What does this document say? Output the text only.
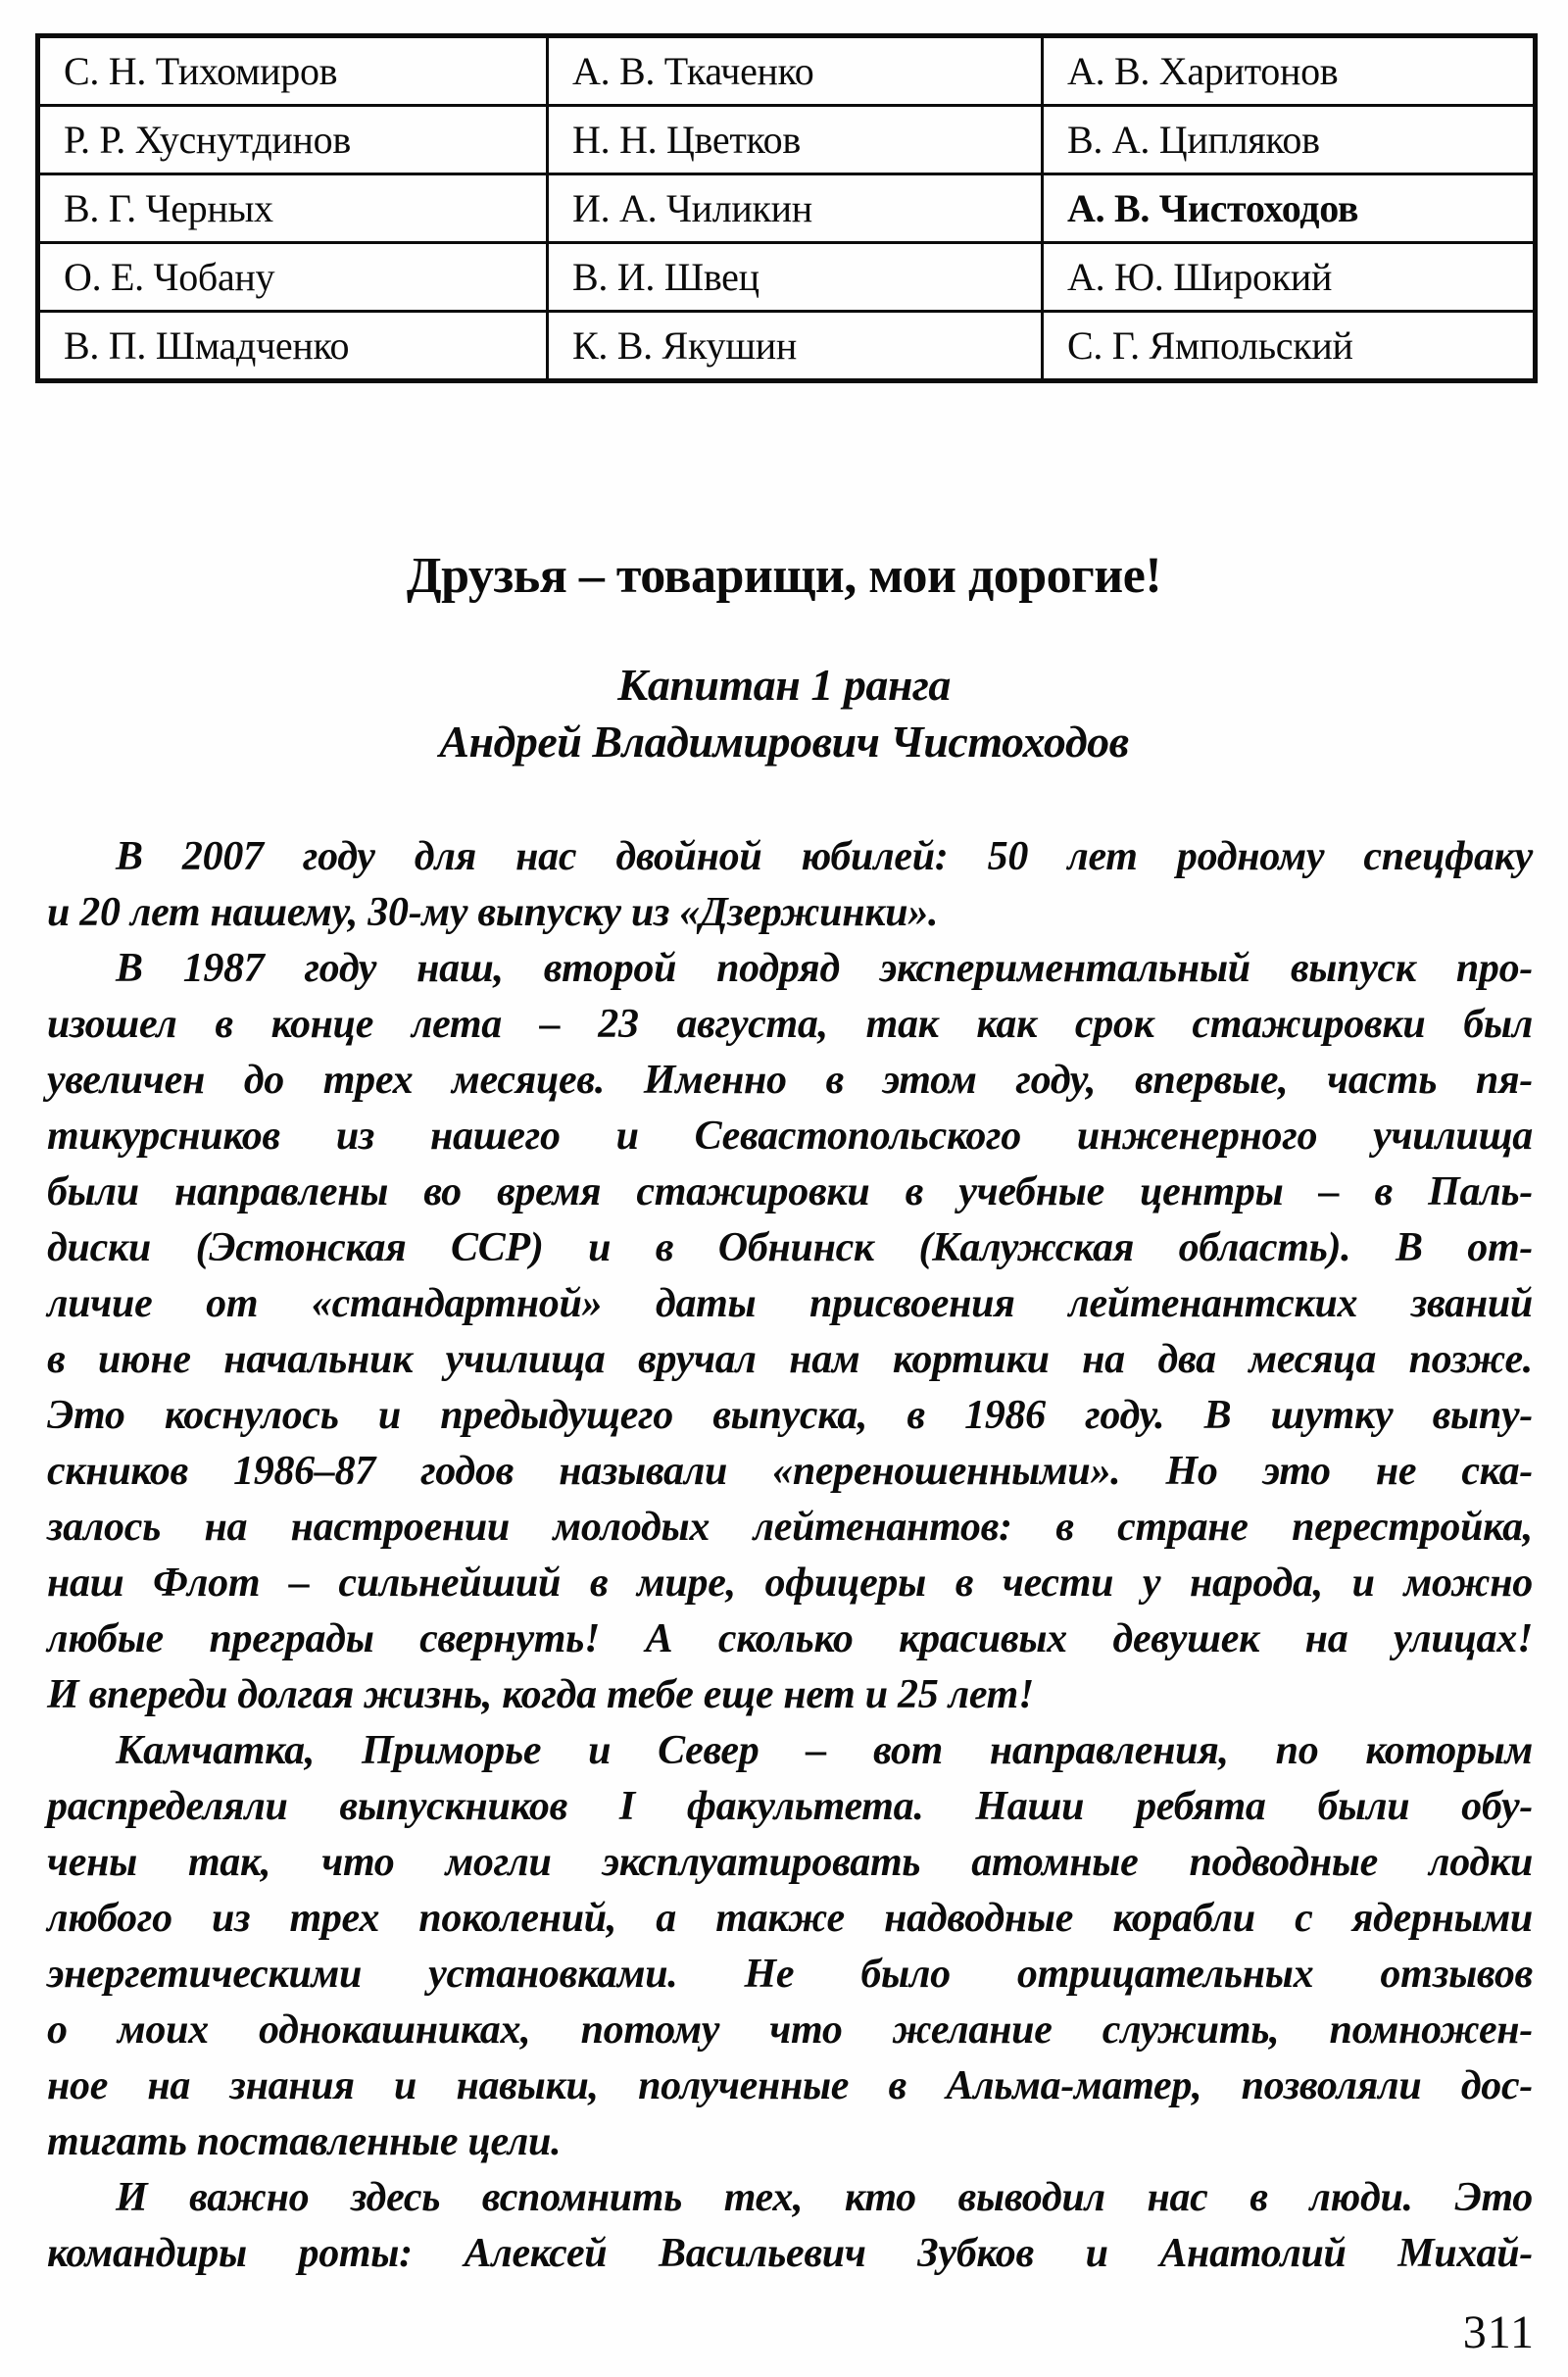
С. Н. Тихомиров	А. В. Ткаченко	А. В. Харитонов
Р. Р. Хуснутдинов	Н. Н. Цветков	В. А. Ципляков
В. Г. Черных	И. А. Чиликин	А. В. Чистоходов
О. Е. Чобану	В. И. Швец	А. Ю. Широкий
В. П. Шмадченко	К. В. Якушин	С. Г. Ямпольский
Друзья – товарищи, мои дорогие!
Капитан 1 ранга
Андрей Владимирович Чистоходов
В 2007 году для нас двойной юбилей: 50 лет родному спецфаку
и 20 лет нашему, 30-му выпуску из «Дзержинки».
В 1987 году наш, второй подряд экспериментальный выпуск про-
изошел в конце лета – 23 августа, так как срок стажировки был
увеличен до трех месяцев. Именно в этом году, впервые, часть пя-
тикурсников из нашего и Севастопольского инженерного училища
были направлены во время стажировки в учебные центры – в Паль-
диски (Эстонская ССР) и в Обнинск (Калужская область). В от-
личие от «стандартной» даты присвоения лейтенантских званий
в июне начальник училища вручал нам кортики на два месяца позже.
Это коснулось и предыдущего выпуска, в 1986 году. В шутку выпу-
скников 1986–87 годов называли «переношенными». Но это не ска-
залось на настроении молодых лейтенантов: в стране перестройка,
наш Флот – сильнейший в мире, офицеры в чести у народа, и можно
любые преграды свернуть! А сколько красивых девушек на улицах!
И впереди долгая жизнь, когда тебе еще нет и 25 лет!
Камчатка, Приморье и Север – вот направления, по которым
распределяли выпускников I факультета. Наши ребята были обу-
чены так, что могли эксплуатировать атомные подводные лодки
любого из трех поколений, а также надводные корабли с ядерными
энергетическими установками. Не было отрицательных отзывов
о моих однокашниках, потому что желание служить, помножен-
ное на знания и навыки, полученные в Альма-матер, позволяли дос-
тигать поставленные цели.
И важно здесь вспомнить тех, кто выводил нас в люди. Это
командиры роты: Алексей Васильевич Зубков и Анатолий Михай-
311
